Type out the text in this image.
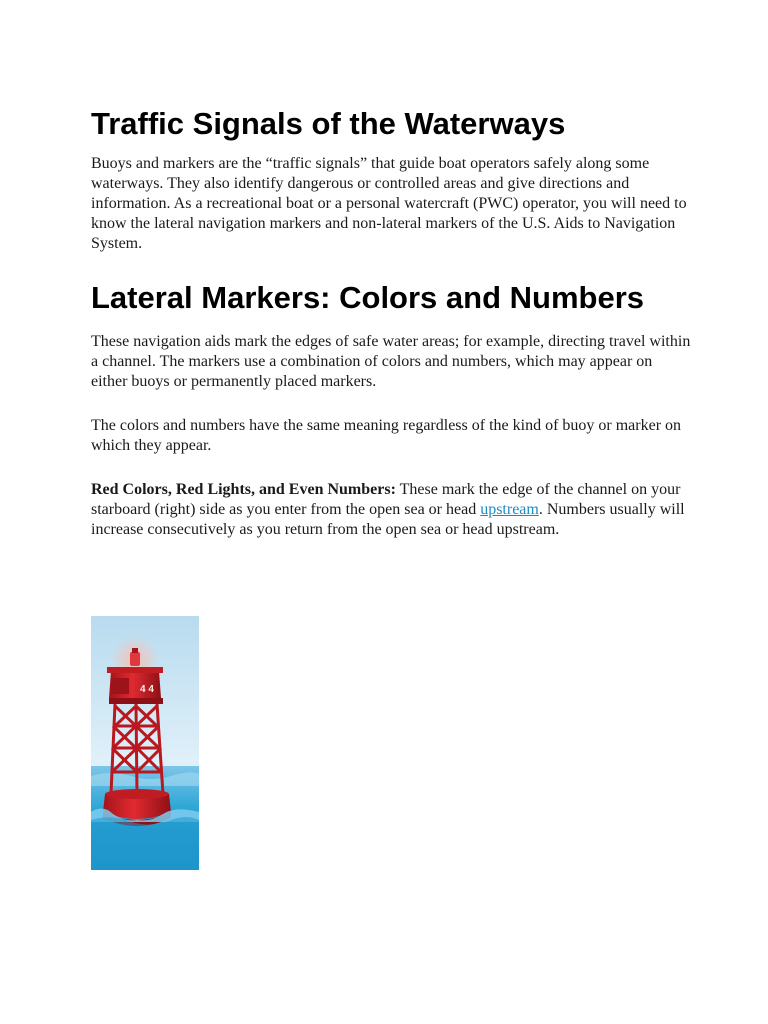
Traffic Signals of the Waterways

Buoys and markers are the “traffic signals” that guide boat operators safely along some waterways. They also identify dangerous or controlled areas and give directions and information. As a recreational boat or a personal watercraft (PWC) operator, you will need to know the lateral navigation markers and non-lateral markers of the U.S. Aids to Navigation System.

Lateral Markers: Colors and Numbers

These navigation aids mark the edges of safe water areas; for example, directing travel within a channel. The markers use a combination of colors and numbers, which may appear on either buoys or permanently placed markers.

The colors and numbers have the same meaning regardless of the kind of buoy or marker on which they appear.

Red Colors, Red Lights, and Even Numbers: These mark the edge of the channel on your starboard (right) side as you enter from the open sea or head upstream. Numbers usually will increase consecutively as you return from the open sea or head upstream.

4 4
